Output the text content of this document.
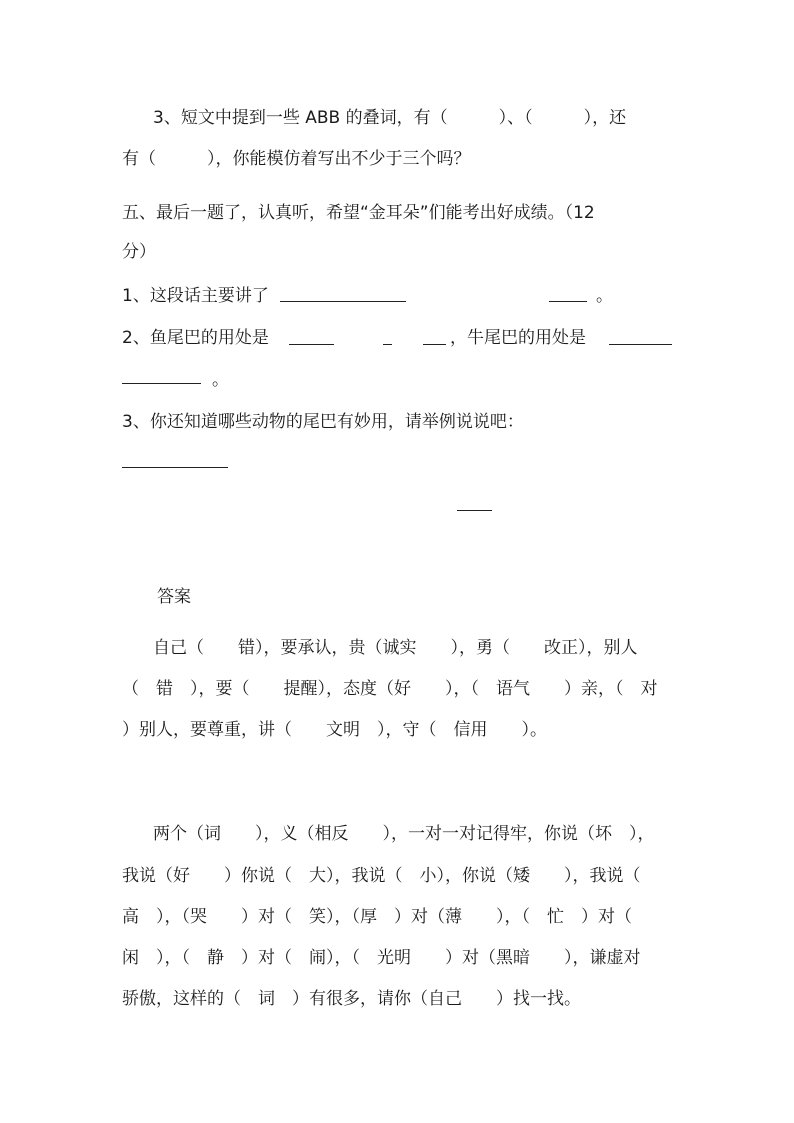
3、短文中提到一些 ABB 的叠词，有（　　　）、（　　　），还
有（　　　），你能模仿着写出不少于三个吗？
五、最后一题了，认真听，希望“金耳朵”们能考出好成绩。（12
分）
1、这段话主要讲了	。
2、鱼尾巴的用处是	，牛尾巴的用处是
。
3、你还知道哪些动物的尾巴有妙用，请举例说说吧：
答案
自己（　　错），要承认，贵（诚实　　），勇（　　改正），别人
（　错　），要（　　提醒），态度（好　　），（　语气　　）亲，（　对
）别人，要尊重，讲（　　文明　），守（　信用　　）。
两个（词　　），义（相反　　），一对一对记得牢，你说（坏　），
我说（好　　）你说（　大），我说（　小），你说（矮　　），我说（
高　），（哭　　）对（　笑），（厚　）对（薄　　），（　忙　）对（
闲　），（　静　）对（　闹），（　光明　　）对（黑暗　　），谦虚对
骄傲，这样的（　词　）有很多，请你（自己　　）找一找。
